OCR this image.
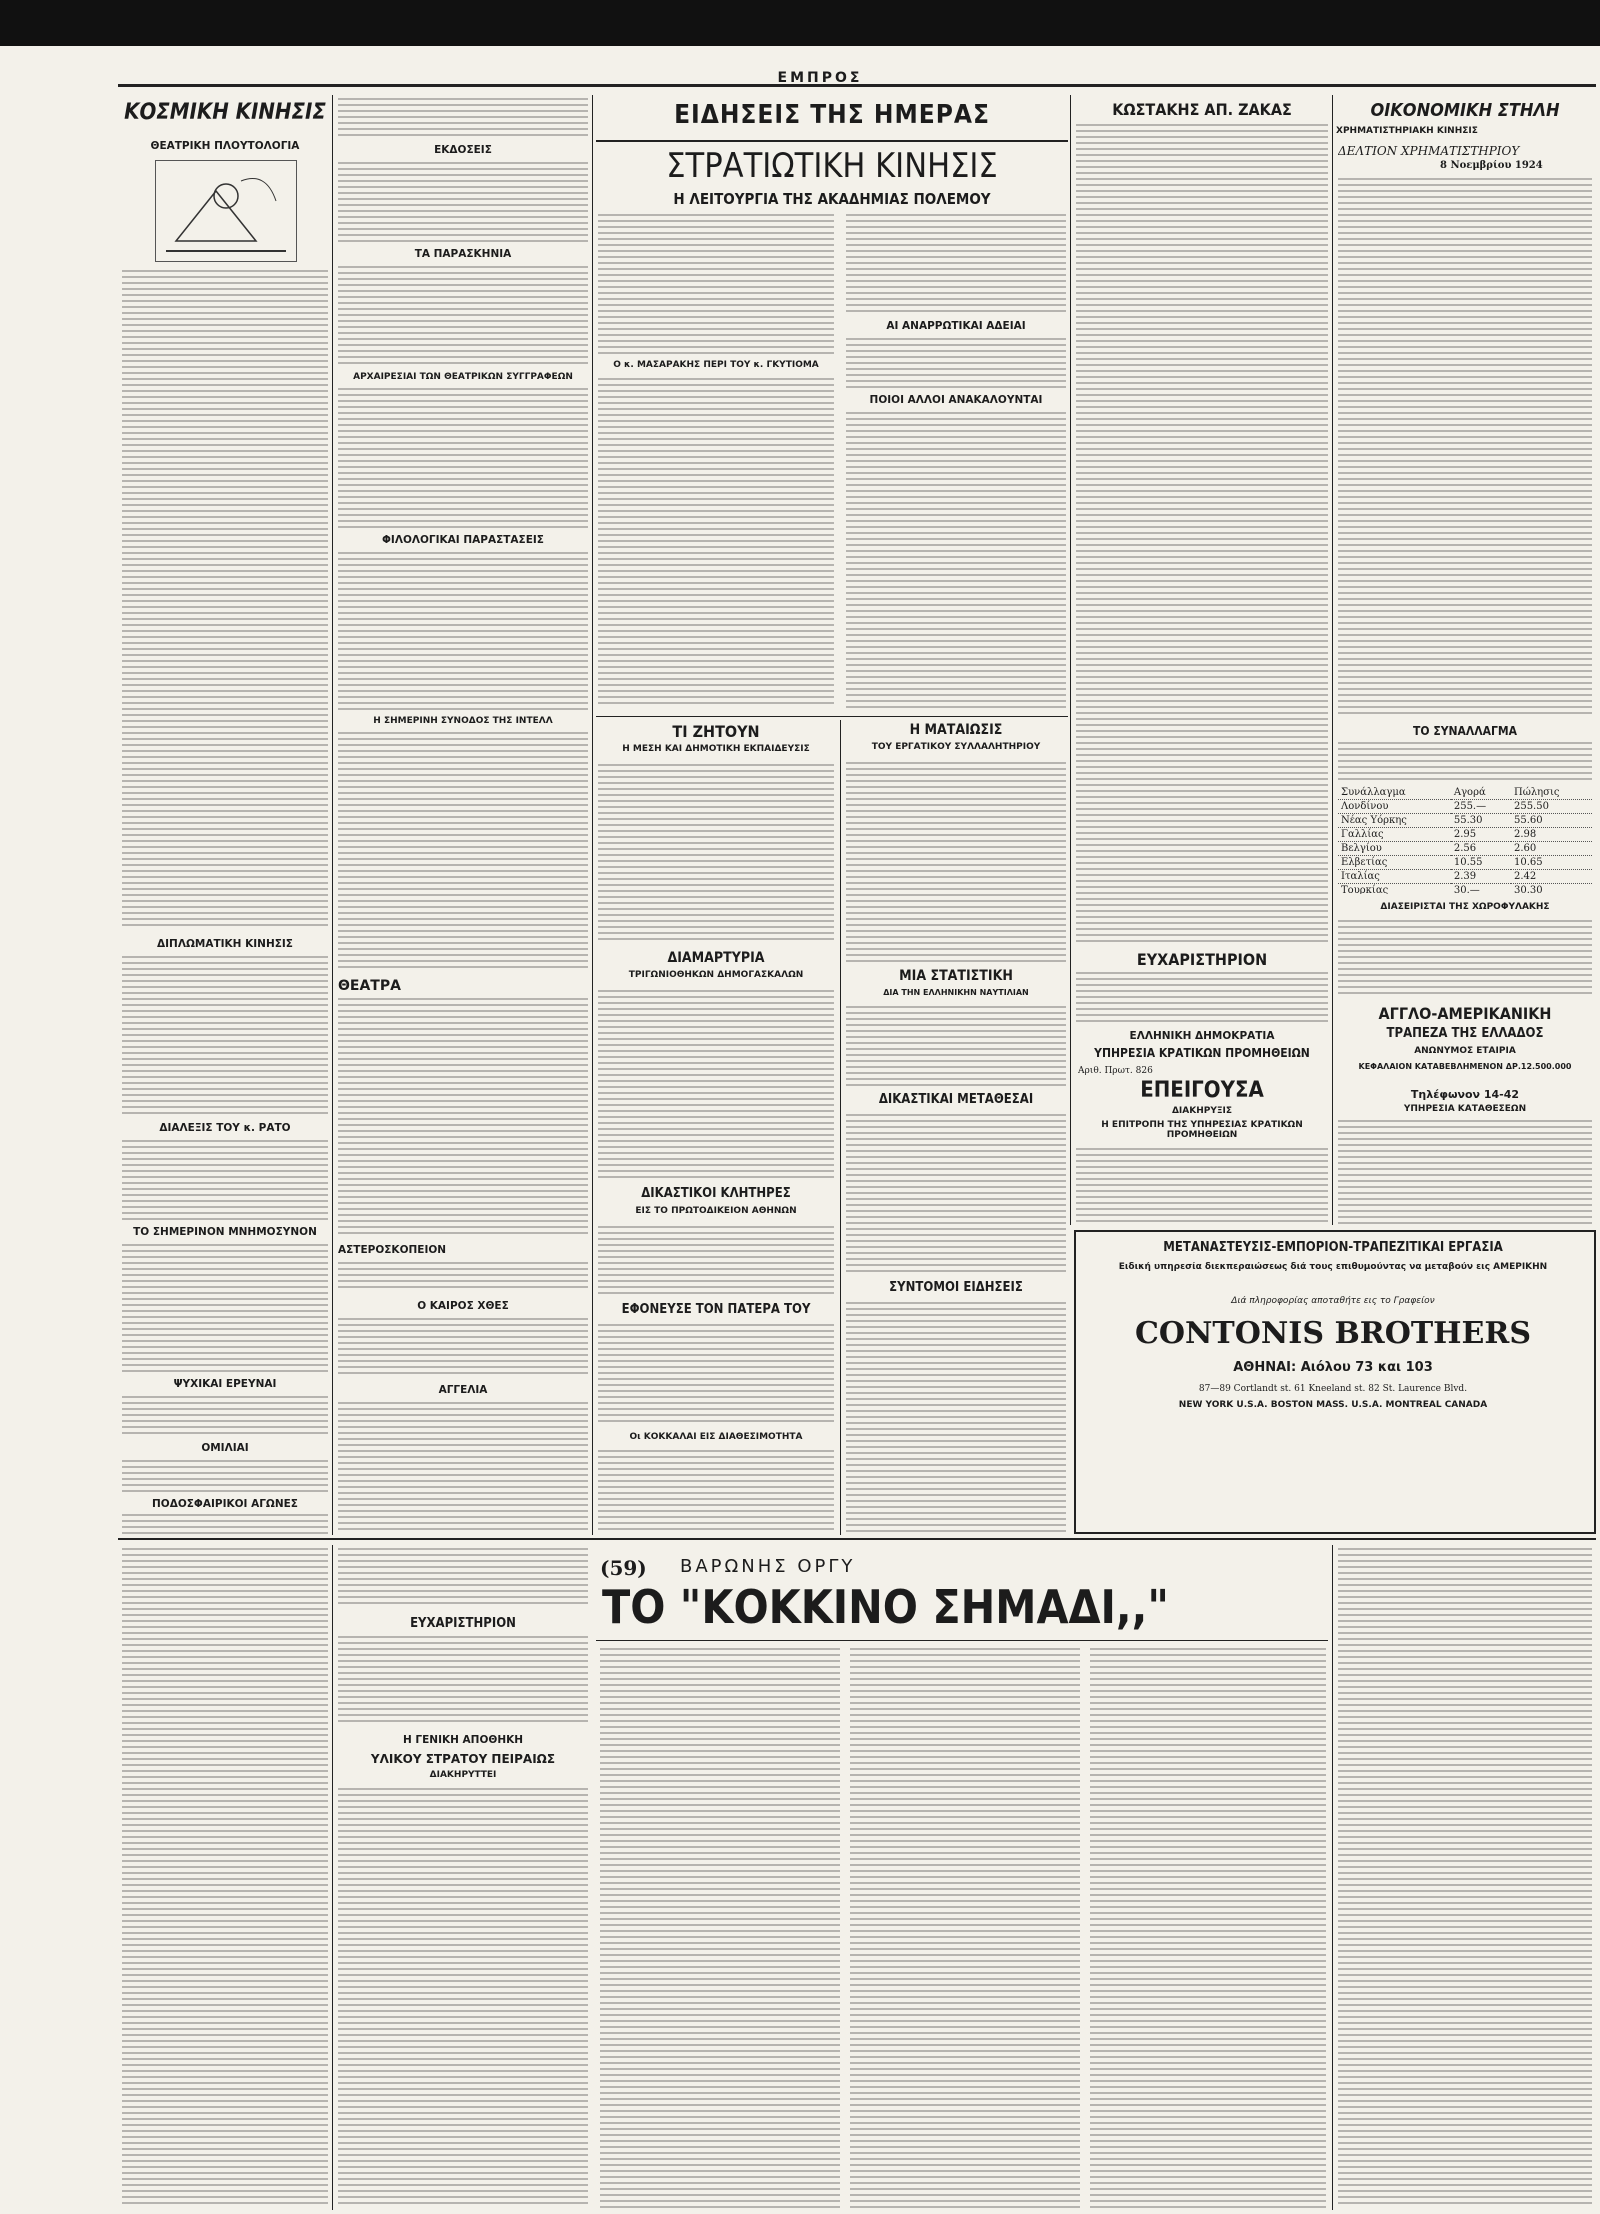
ΕΜΠΡΟΣ
ΚΟΣΜΙΚΗ ΚΙΝΗΣΙΣ
ΘΕΑΤΡΙΚΗ ΠΛΟΥΤΟΛΟΓΙΑ
ΔΙΠΛΩΜΑΤΙΚΗ ΚΙΝΗΣΙΣ
ΔΙΑΛΕΞΙΣ ΤΟΥ κ. ΡΑΤΟ
ΤΟ ΣΗΜΕΡΙΝΟΝ ΜΝΗΜΟΣΥΝΟΝ
ΨΥΧΙΚΑΙ ΕΡΕΥΝΑΙ
ΟΜΙΛΙΑΙ
ΠΟΔΟΣΦΑΙΡΙΚΟΙ ΑΓΩΝΕΣ
ΕΚΔΟΣΕΙΣ
ΤΑ ΠΑΡΑΣΚΗΝΙΑ
ΑΡΧΑΙΡΕΣΙΑΙ ΤΩΝ ΘΕΑΤΡΙΚΩΝ ΣΥΓΓΡΑΦΕΩΝ
ΦΙΛΟΛΟΓΙΚΑΙ ΠΑΡΑΣΤΑΣΕΙΣ
Η ΣΗΜΕΡΙΝΗ ΣΥΝΟΔΟΣ ΤΗΣ ΙΝΤΕΛΛ
ΘΕΑΤΡΑ
ΑΣΤΕΡΟΣΚΟΠΕΙΟΝ
Ο ΚΑΙΡΟΣ ΧΘΕΣ
ΑΓΓΕΛΙΑ
ΕΙΔΗΣΕΙΣ ΤΗΣ ΗΜΕΡΑΣ
ΣΤΡΑΤΙΩΤΙΚΗ ΚΙΝΗΣΙΣ
Η ΛΕΙΤΟΥΡΓΙΑ ΤΗΣ ΑΚΑΔΗΜΙΑΣ ΠΟΛΕΜΟΥ
Ο κ. ΜΑΣΑΡΑΚΗΣ ΠΕΡΙ ΤΟΥ κ. ΓΚΥΤΙΟΜΑ
ΑΙ ΑΝΑΡΡΩΤΙΚΑΙ ΑΔΕΙΑΙ
ΠΟΙΟΙ ΑΛΛΟΙ ΑΝΑΚΑΛΟΥΝΤΑΙ
ΤΙ ΖΗΤΟΥΝ
Η ΜΕΣΗ ΚΑΙ ΔΗΜΟΤΙΚΗ ΕΚΠΑΙΔΕΥΣΙΣ
ΔΙΑΜΑΡΤΥΡΙΑ
ΤΡΙΓΩΝΙΟΘΗΚΩΝ ΔΗΜΟΓΑΣΚΑΛΩΝ
ΔΙΚΑΣΤΙΚΟΙ ΚΛΗΤΗΡΕΣ
ΕΙΣ ΤΟ ΠΡΩΤΟΔΙΚΕΙΟΝ ΑΘΗΝΩΝ
ΕΦΟΝΕΥΣΕ ΤΟΝ ΠΑΤΕΡΑ ΤΟΥ
Οι ΚΟΚΚΑΛΑΙ ΕΙΣ ΔΙΑΘΕΣΙΜΟΤΗΤΑ
Η ΜΑΤΑΙΩΣΙΣ
ΤΟΥ ΕΡΓΑΤΙΚΟΥ ΣΥΛΛΑΛΗΤΗΡΙΟΥ
ΜΙΑ ΣΤΑΤΙΣΤΙΚΗ
ΔΙΑ ΤΗΝ ΕΛΛΗΝΙΚΗΝ ΝΑΥΤΙΛΙΑΝ
ΔΙΚΑΣΤΙΚΑΙ ΜΕΤΑΘΕΣΑΙ
ΣΥΝΤΟΜΟΙ ΕΙΔΗΣΕΙΣ
ΚΩΣΤΑΚΗΣ ΑΠ. ΖΑΚΑΣ
ΕΥΧΑΡΙΣΤΗΡΙΟΝ
ΕΛΛΗΝΙΚΗ ΔΗΜΟΚΡΑΤΙΑ
ΥΠΗΡΕΣΙΑ ΚΡΑΤΙΚΩΝ ΠΡΟΜΗΘΕΙΩΝ
Αριθ. Πρωτ. 826
ΕΠΕΙΓΟΥΣΑ
ΔΙΑΚΗΡΥΞΙΣ
Η ΕΠΙΤΡΟΠΗ ΤΗΣ ΥΠΗΡΕΣΙΑΣ ΚΡΑΤΙΚΩΝ ΠΡΟΜΗΘΕΙΩΝ
ΟΙΚΟΝΟΜΙΚΗ ΣΤΗΛΗ
ΧΡΗΜΑΤΙΣΤΗΡΙΑΚΗ ΚΙΝΗΣΙΣ
ΔΕΛΤΙΟΝ ΧΡΗΜΑΤΙΣΤΗΡΙΟΥ
8 Νοεμβρίου 1924
ΤΟ ΣΥΝΑΛΛΑΓΜΑ
Συνάλλαγμα	Αγορά	Πώλησις
Λονδίνου	255.—	255.50
Νέας Υόρκης	55.30	55.60
Γαλλίας	2.95	2.98
Βελγίου	2.56	2.60
Ελβετίας	10.55	10.65
Ιταλίας	2.39	2.42
Τουρκίας	30.—	30.30
ΔΙΑΣΕΙΡΙΣΤΑΙ ΤΗΣ ΧΩΡΟΦΥΛΑΚΗΣ
ΑΓΓΛΟ-ΑΜΕΡΙΚΑΝΙΚΗ
ΤΡΑΠΕΖΑ ΤΗΣ ΕΛΛΑΔΟΣ
ΑΝΩΝΥΜΟΣ ΕΤΑΙΡΙΑ
ΚΕΦΑΛΑΙΟΝ ΚΑΤΑΒΕΒΛΗΜΕΝΟΝ ΔΡ.12.500.000
Τηλέφωνον 14-42
ΥΠΗΡΕΣΙΑ ΚΑΤΑΘΕΣΕΩΝ
ΜΕΤΑΝΑΣΤΕΥΣΙΣ-ΕΜΠΟΡΙΟΝ-ΤΡΑΠΕΖΙΤΙΚΑΙ ΕΡΓΑΣΙΑ
Ειδική υπηρεσία διεκπεραιώσεως διά τους επιθυμούντας να μεταβούν εις ΑΜΕΡΙΚΗΝ
Διά πληροφορίας αποταθήτε εις το Γραφείον
CONTONIS BROTHERS
ΑΘΗΝΑΙ: Αιόλου 73 και 103
87—89 Cortlandt st. 61 Kneeland st. 82 St. Laurence Blvd.
NEW YORK U.S.A. BOSTON MASS. U.S.A. MONTREAL CANADA
ΕΥΧΑΡΙΣΤΗΡΙΟΝ
Η ΓΕΝΙΚΗ ΑΠΟΘΗΚΗ
ΥΛΙΚΟΥ ΣΤΡΑΤΟΥ ΠΕΙΡΑΙΩΣ
ΔΙΑΚΗΡΥΤΤΕΙ
(59)	ΒΑΡΩΝΗΣ ΟΡΓΥ
ΤΟ "ΚΟΚΚΙΝΟ ΣΗΜΑΔΙ,,"
